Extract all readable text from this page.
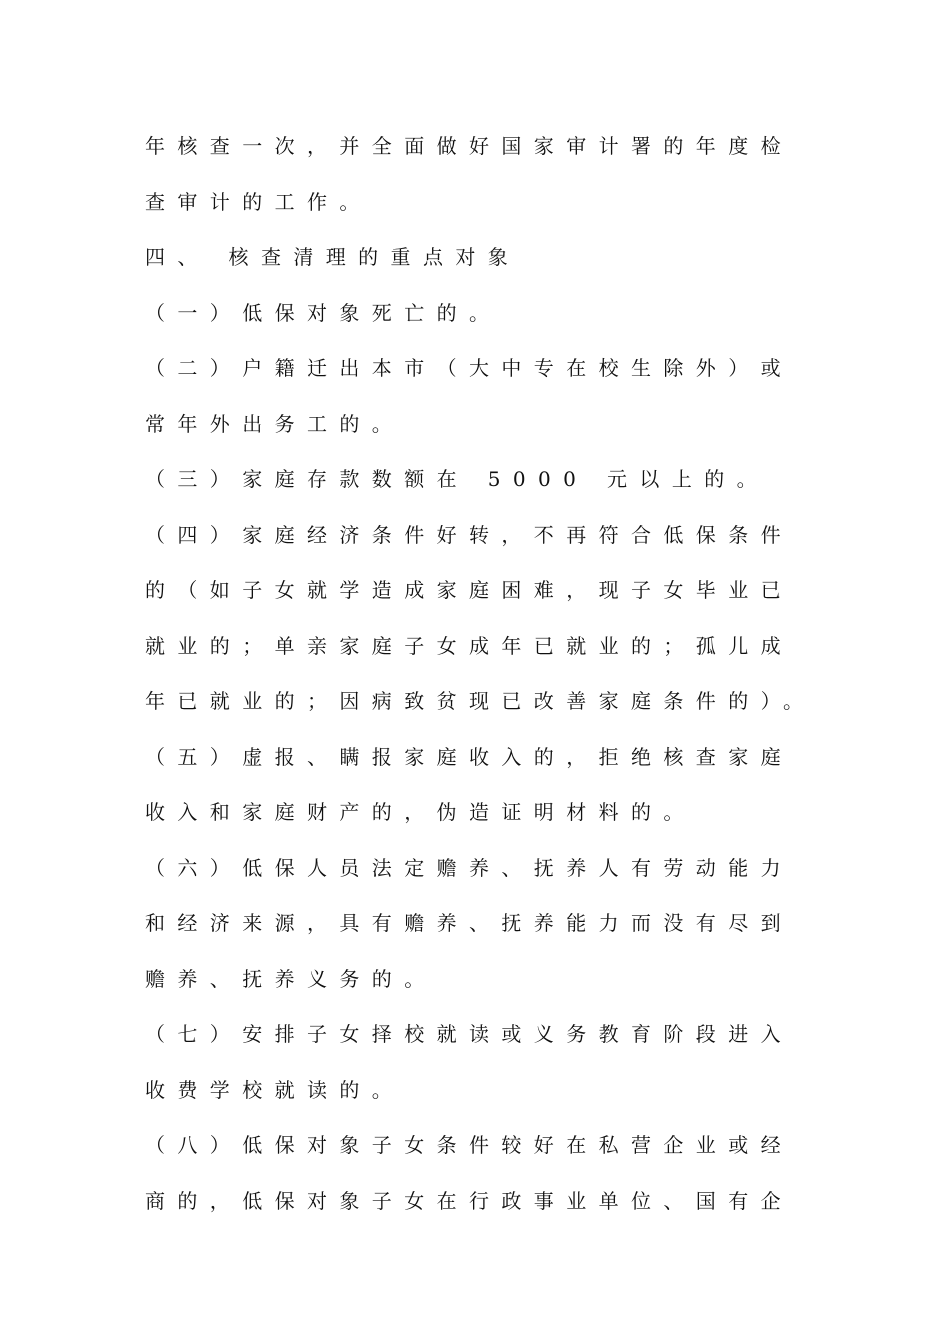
年核查一次，并全面做好国家审计署的年度检
查审计的工作。
四、 核查清理的重点对象
（一）低保对象死亡的。
（二）户籍迁出本市（大中专在校生除外）或
常年外出务工的。
（三）家庭存款数额在 5000 元以上的。
（四）家庭经济条件好转，不再符合低保条件
的（如子女就学造成家庭困难，现子女毕业已
就业的；单亲家庭子女成年已就业的；孤儿成
年已就业的；因病致贫现已改善家庭条件的）。
（五）虚报、瞒报家庭收入的，拒绝核查家庭
收入和家庭财产的，伪造证明材料的。
（六）低保人员法定赡养、抚养人有劳动能力
和经济来源，具有赡养、抚养能力而没有尽到
赡养、抚养义务的。
（七）安排子女择校就读或义务教育阶段进入
收费学校就读的。
（八）低保对象子女条件较好在私营企业或经
商的，低保对象子女在行政事业单位、国有企
